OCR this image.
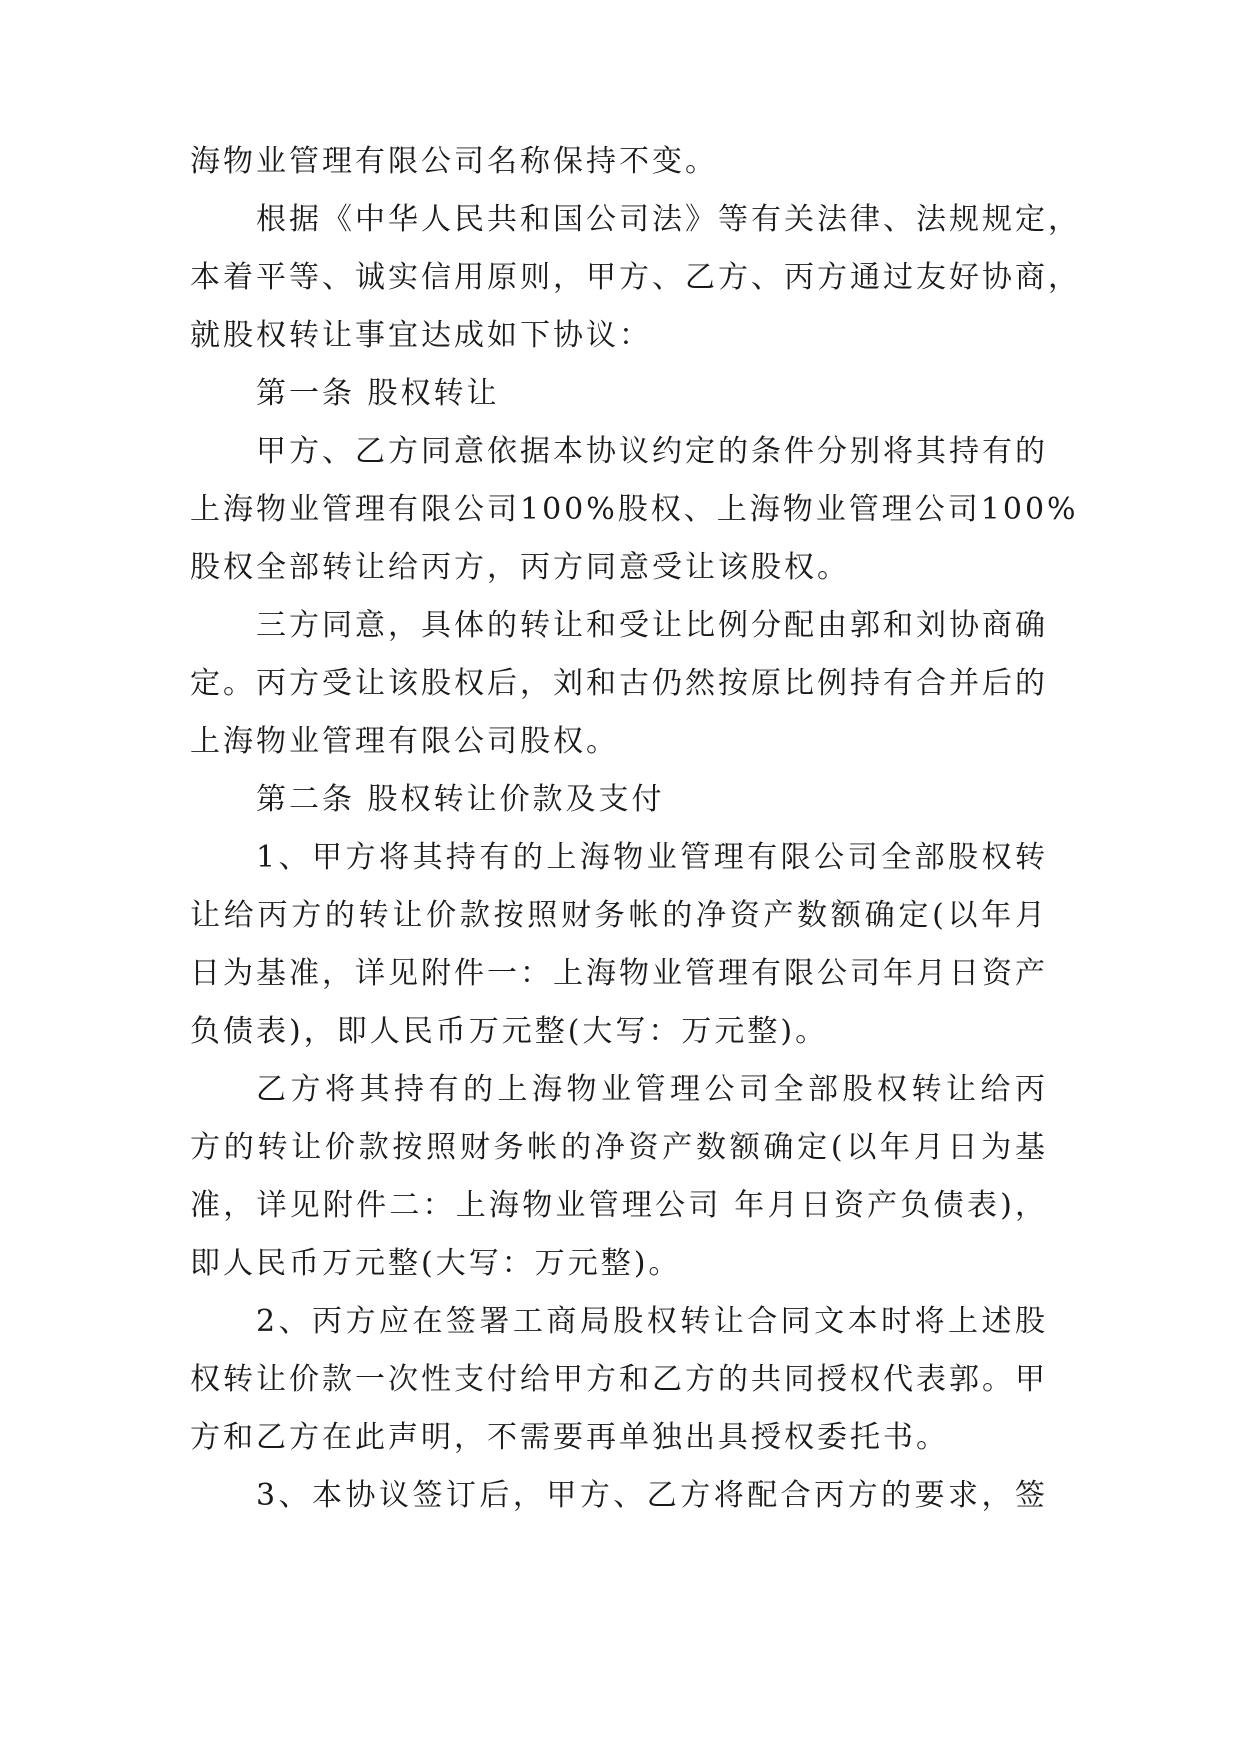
海物业管理有限公司名称保持不变。
根据《中华人民共和国公司法》等有关法律、法规规定，
本着平等、诚实信用原则，甲方、乙方、丙方通过友好协商，
就股权转让事宜达成如下协议：
第一条 股权转让
甲方、乙方同意依据本协议约定的条件分别将其持有的
上海物业管理有限公司100%股权、上海物业管理公司100%
股权全部转让给丙方，丙方同意受让该股权。
三方同意，具体的转让和受让比例分配由郭和刘协商确
定。丙方受让该股权后，刘和古仍然按原比例持有合并后的
上海物业管理有限公司股权。
第二条 股权转让价款及支付
1、甲方将其持有的上海物业管理有限公司全部股权转
让给丙方的转让价款按照财务帐的净资产数额确定(以年月
日为基准，详见附件一：上海物业管理有限公司年月日资产
负债表)，即人民币万元整(大写：万元整)。
乙方将其持有的上海物业管理公司全部股权转让给丙
方的转让价款按照财务帐的净资产数额确定(以年月日为基
准，详见附件二：上海物业管理公司 年月日资产负债表)，
即人民币万元整(大写：万元整)。
2、丙方应在签署工商局股权转让合同文本时将上述股
权转让价款一次性支付给甲方和乙方的共同授权代表郭。甲
方和乙方在此声明，不需要再单独出具授权委托书。
3、本协议签订后，甲方、乙方将配合丙方的要求，签
